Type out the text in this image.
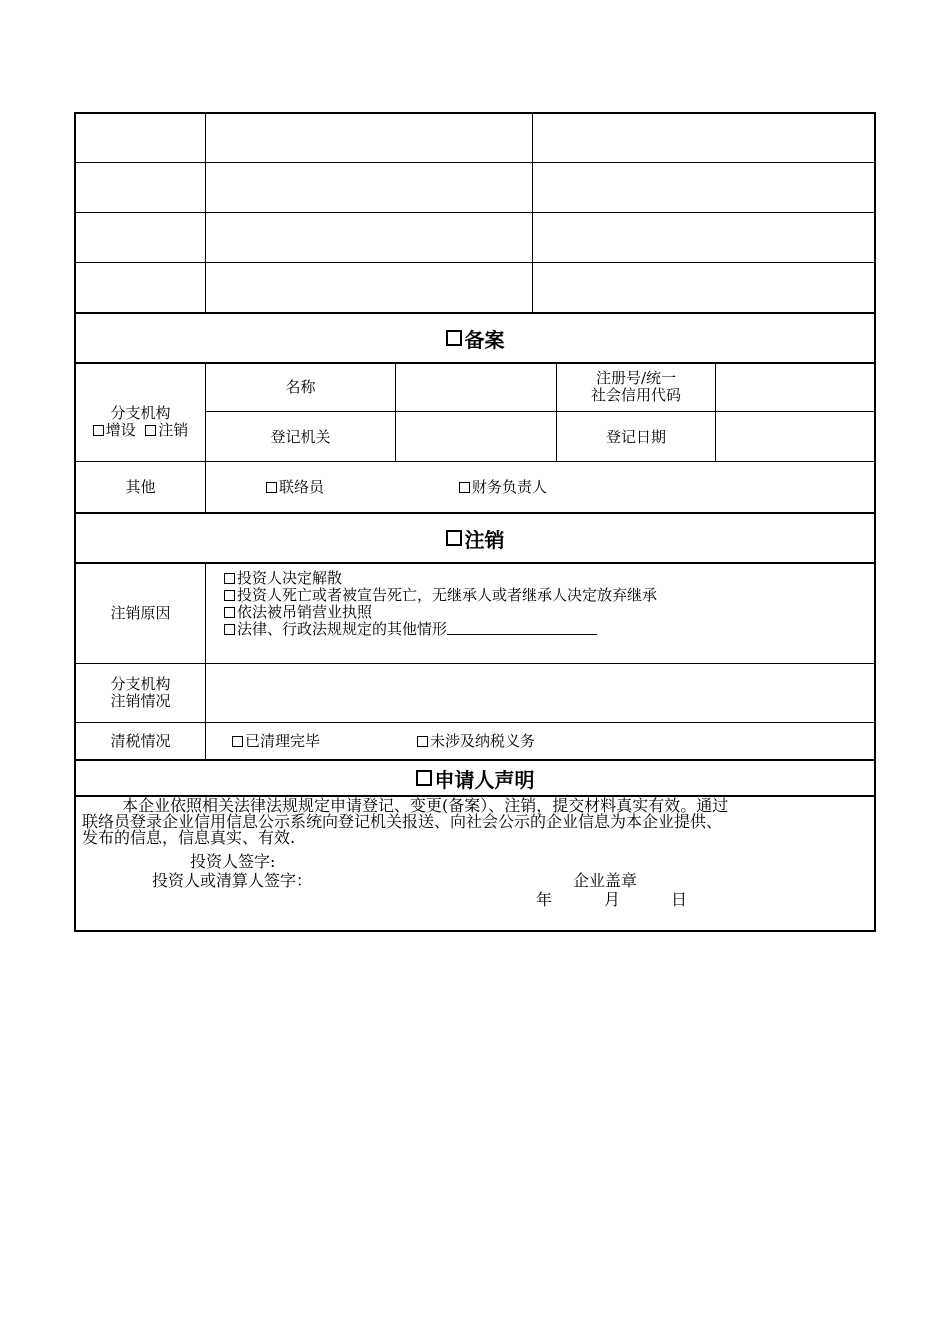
备案
分支机构
增设 注销
名称	注册号/统一
社会信用代码
登记机关	登记日期
其他	联络员	财务负责人
注销
注销原因
投资人决定解散
投资人死亡或者被宣告死亡，无继承人或者继承人决定放弃继承
依法被吊销营业执照
法律、行政法规规定的其他情形
分支机构
注销情况
清税情况	已清理完毕	未涉及纳税义务
申请人声明

本企业依照相关法律法规规定申请登记、变更(备案）、注销，提交材料真实有效。通过

联络员登录企业信用信息公示系统向登记机关报送、向社会公示的企业信息为本企业提供、

发布的信息，信息真实、有效.

投资人签字:
投资人或清算人签字：	企业盖章
年	月	日
